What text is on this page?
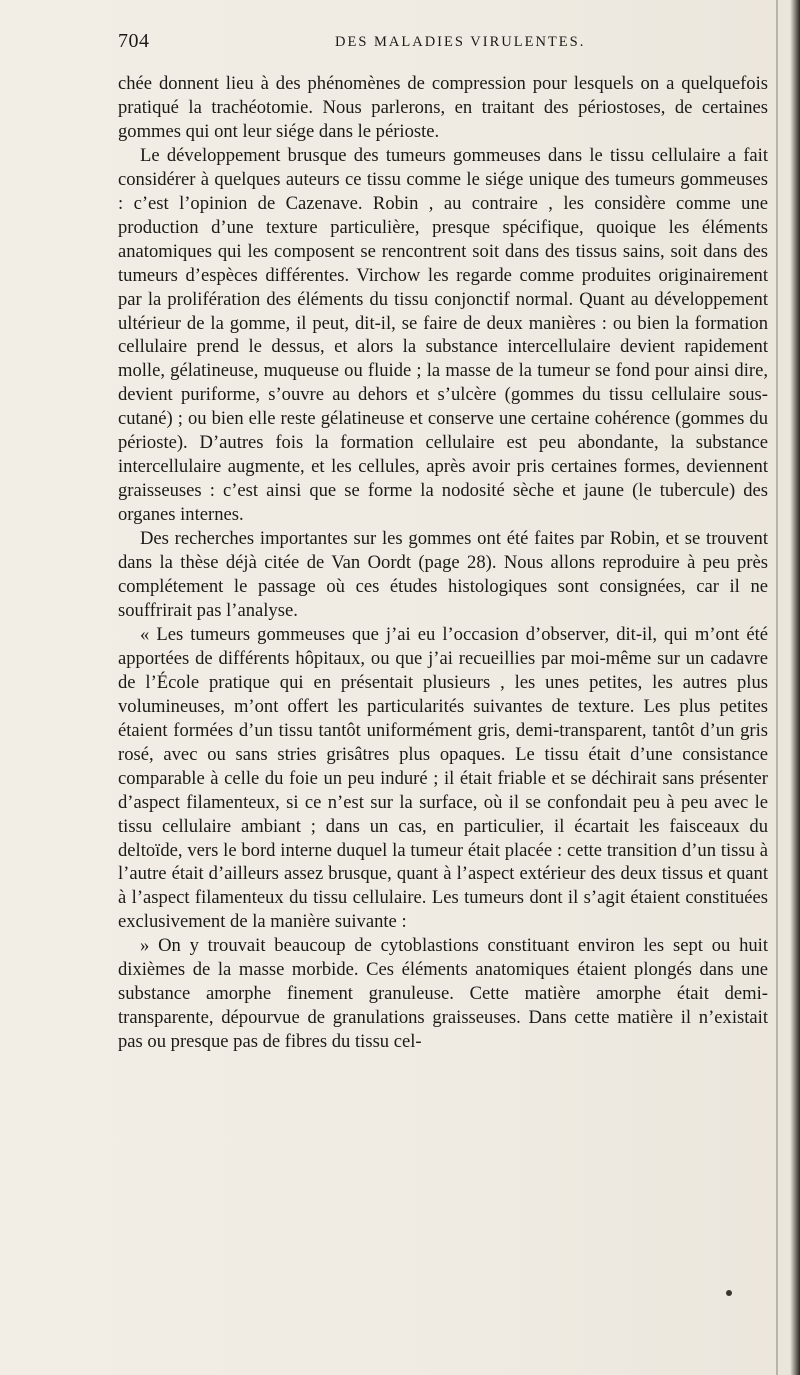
704	DES MALADIES VIRULENTES.

chée donnent lieu à des phénomènes de compression pour lesquels on a quelquefois pratiqué la trachéotomie. Nous parlerons, en traitant des périostoses, de certaines gommes qui ont leur siége dans le périoste.

Le développement brusque des tumeurs gommeuses dans le tissu cellulaire a fait considérer à quelques auteurs ce tissu comme le siége unique des tumeurs gommeuses : c’est l’opinion de Cazenave. Robin , au contraire , les considère comme une production d’une texture particulière, presque spécifique, quoique les éléments anatomiques qui les composent se rencontrent soit dans des tissus sains, soit dans des tumeurs d’espèces différentes. Virchow les regarde comme produites originairement par la prolifération des éléments du tissu conjonctif normal. Quant au développement ultérieur de la gomme, il peut, dit-il, se faire de deux manières : ou bien la formation cellulaire prend le dessus, et alors la substance intercellulaire devient rapidement molle, gélatineuse, muqueuse ou fluide ; la masse de la tumeur se fond pour ainsi dire, devient puriforme, s’ouvre au dehors et s’ulcère (gommes du tissu cellulaire sous-cutané) ; ou bien elle reste gélatineuse et conserve une certaine cohérence (gommes du périoste). D’autres fois la formation cellulaire est peu abondante, la substance intercellulaire augmente, et les cellules, après avoir pris certaines formes, deviennent graisseuses : c’est ainsi que se forme la nodosité sèche et jaune (le tubercule) des organes internes.

Des recherches importantes sur les gommes ont été faites par Robin, et se trouvent dans la thèse déjà citée de Van Oordt (page 28). Nous allons reproduire à peu près complétement le passage où ces études histologiques sont consignées, car il ne souffrirait pas l’analyse.

« Les tumeurs gommeuses que j’ai eu l’occasion d’observer, dit-il, qui m’ont été apportées de différents hôpitaux, ou que j’ai recueillies par moi-même sur un cadavre de l’École pratique qui en présentait plusieurs , les unes petites, les autres plus volumineuses, m’ont offert les particularités suivantes de texture. Les plus petites étaient formées d’un tissu tantôt uniformément gris, demi-transparent, tantôt d’un gris rosé, avec ou sans stries grisâtres plus opaques. Le tissu était d’une consistance comparable à celle du foie un peu induré ; il était friable et se déchirait sans présenter d’aspect filamenteux, si ce n’est sur la surface, où il se confondait peu à peu avec le tissu cellulaire ambiant ; dans un cas, en particulier, il écartait les faisceaux du deltoïde, vers le bord interne duquel la tumeur était placée : cette transition d’un tissu à l’autre était d’ailleurs assez brusque, quant à l’aspect extérieur des deux tissus et quant à l’aspect filamenteux du tissu cellulaire. Les tumeurs dont il s’agit étaient constituées exclusivement de la manière suivante :

» On y trouvait beaucoup de cytoblastions constituant environ les sept ou huit dixièmes de la masse morbide. Ces éléments anatomiques étaient plongés dans une substance amorphe finement granuleuse. Cette matière amorphe était demi-transparente, dépourvue de granulations graisseuses. Dans cette matière il n’existait pas ou presque pas de fibres du tissu cel-
